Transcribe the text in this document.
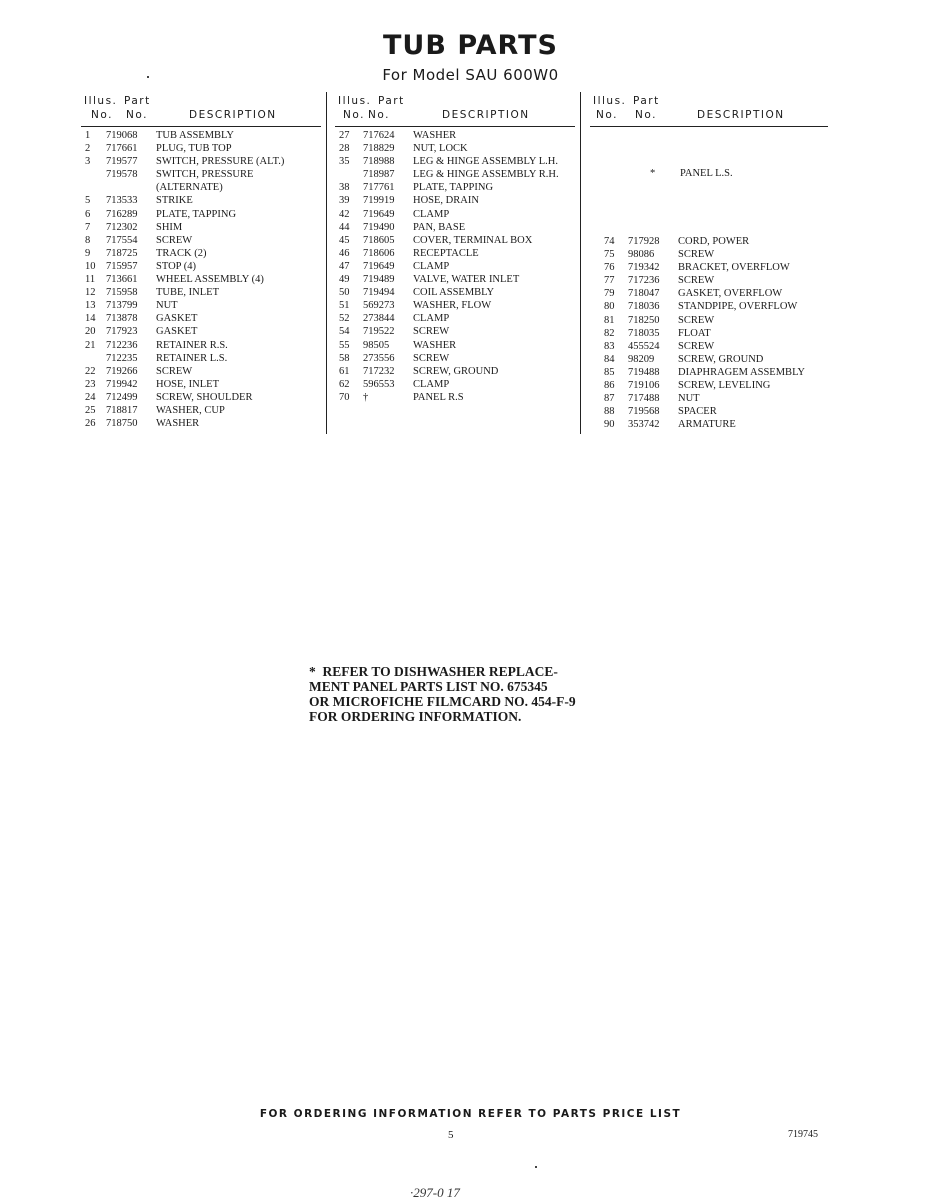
TUB PARTS
For Model SAU 600W0
Illus. Part
No. No.	DESCRIPTION
1 719068 TUB ASSEMBLY
2 717661 PLUG, TUB TOP
3 719577 SWITCH, PRESSURE (ALT.)
719578 SWITCH, PRESSURE
(ALTERNATE)
5 713533 STRIKE
6 716289 PLATE, TAPPING
7 712302 SHIM
8 717554 SCREW
9 718725 TRACK (2)
10 715957 STOP (4)
11 713661 WHEEL ASSEMBLY (4)
12 715958 TUBE, INLET
13 713799 NUT
14 713878 GASKET
20 717923 GASKET
21 712236 RETAINER R.S.
712235 RETAINER L.S.
22 719266 SCREW
23 719942 HOSE, INLET
24 712499 SCREW, SHOULDER
25 718817 WASHER, CUP
26 718750 WASHER
Illus. Part
No. No.	DESCRIPTION
27 717624 WASHER
28 718829 NUT, LOCK
35 718988 LEG & HINGE ASSEMBLY L.H.
718987 LEG & HINGE ASSEMBLY R.H.
38 717761 PLATE, TAPPING
39 719919 HOSE, DRAIN
42 719649 CLAMP
44 719490 PAN, BASE
45 718605 COVER, TERMINAL BOX
46 718606 RECEPTACLE
47 719649 CLAMP
49 719489 VALVE, WATER INLET
50 719494 COIL ASSEMBLY
51 569273 WASHER, FLOW
52 273844 CLAMP
54 719522 SCREW
55 98505 WASHER
58 273556 SCREW
61 717232 SCREW, GROUND
62 596553 CLAMP
70 †	PANEL R.S
Illus. Part
No. No.	DESCRIPTION
* PANEL L.S.
74 717928 CORD, POWER
75 98086 SCREW
76 719342 BRACKET, OVERFLOW
77 717236 SCREW
79 718047 GASKET, OVERFLOW
80 718036 STANDPIPE, OVERFLOW
81 718250 SCREW
82 718035 FLOAT
83 455524 SCREW
84 98209 SCREW, GROUND
85 719488 DIAPHRAGEM ASSEMBLY
86 719106 SCREW, LEVELING
87 717488 NUT
88 719568 SPACER
90 353742 ARMATURE
*  REFER TO DISHWASHER REPLACE-
MENT PANEL PARTS LIST NO. 675345
OR MICROFICHE FILMCARD NO. 454-F-9
FOR ORDERING INFORMATION.
FOR ORDERING INFORMATION REFER TO PARTS PRICE LIST
5	719745
·297-0 17
